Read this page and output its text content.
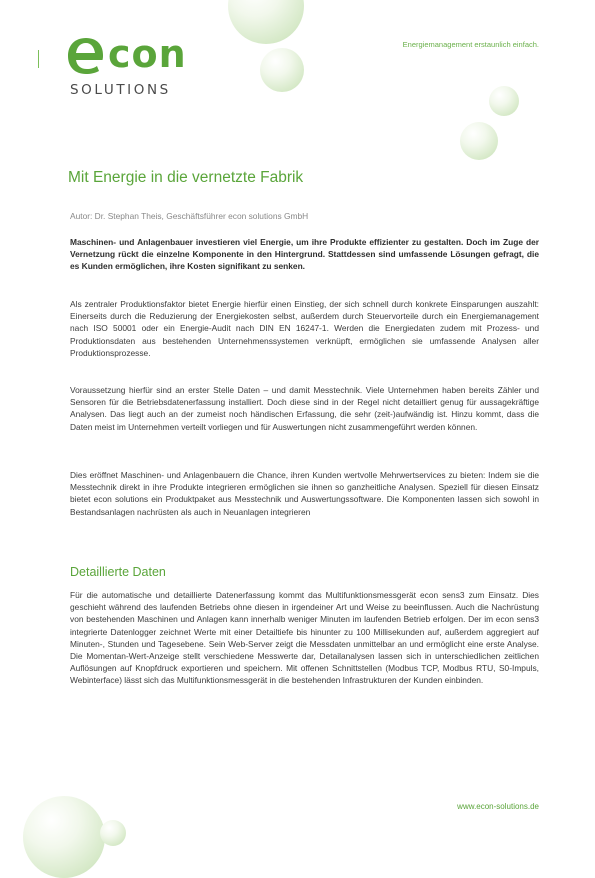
con
SOLUTIONS
Energiemanagement erstaunlich einfach.
Mit Energie in die vernetzte Fabrik
Autor: Dr. Stephan Theis, Geschäftsführer econ solutions GmbH
Maschinen- und Anlagenbauer investieren viel Energie, um ihre Produkte effizienter zu gestalten. Doch im Zuge der Vernetzung rückt die einzelne Komponente in den Hintergrund. Stattdessen sind umfassende Lösungen gefragt, die es Kunden ermöglichen, ihre Kosten signifikant zu senken.
Als zentraler Produktionsfaktor bietet Energie hierfür einen Einstieg, der sich schnell durch konkrete Einsparungen auszahlt: Einerseits durch die Reduzierung der Energiekosten selbst, außerdem durch Steuervorteile durch ein Energiemanagement nach ISO 50001 oder ein Energie-Audit nach DIN EN 16247-1. Werden die Energiedaten zudem mit Prozess- und Produktionsdaten aus bestehenden Unternehmenssystemen verknüpft, ermöglichen sie umfassende Analysen aller Produktionsprozesse.
Voraussetzung hierfür sind an erster Stelle Daten – und damit Messtechnik. Viele Unternehmen haben bereits Zähler und Sensoren für die Betriebsdatenerfassung installiert. Doch diese sind in der Regel nicht detailliert genug für aussagekräftige Analysen. Das liegt auch an der zumeist noch händischen Erfassung, die sehr (zeit-)aufwändig ist. Hinzu kommt, dass die Daten meist im Unternehmen verteilt vorliegen und für Auswertungen nicht zusammengeführt werden können.
Dies eröffnet Maschinen- und Anlagenbauern die Chance, ihren Kunden wertvolle Mehrwertservices zu bieten: Indem sie die Messtechnik direkt in ihre Produkte integrieren ermöglichen sie ihnen so ganzheitliche Analysen. Speziell für diesen Einsatz bietet econ solutions ein Produktpaket aus Messtechnik und Auswertungssoftware. Die Komponenten lassen sich sowohl in Bestandsanlagen nachrüsten als auch in Neuanlagen integrieren
Detaillierte Daten
Für die automatische und detaillierte Datenerfassung kommt das Multifunktionsmessgerät econ sens3 zum Einsatz. Dies geschieht während des laufenden Betriebs ohne diesen in irgendeiner Art und Weise zu beeinflussen. Auch die Nachrüstung von bestehenden Maschinen und Anlagen kann innerhalb weniger Minuten im laufenden Betrieb erfolgen. Der im econ sens3 integrierte Datenlogger zeichnet Werte mit einer Detailtiefe bis hinunter zu 100 Millisekunden auf, außerdem aggregiert auf Minuten-, Stunden und Tagesebene. Sein Web-Server zeigt die Messdaten unmittelbar an und ermöglicht eine erste Analyse. Die Momentan-Wert-Anzeige stellt verschiedene Messwerte dar, Detailanalysen lassen sich in unterschiedlichen zeitlichen Auflösungen auf Knopfdruck exportieren und speichern. Mit offenen Schnittstellen (Modbus TCP, Modbus RTU, S0-Impuls, Webinterface) lässt sich das Multifunktionsmessgerät in die bestehenden Infrastrukturen der Kunden einbinden.
www.econ-solutions.de
